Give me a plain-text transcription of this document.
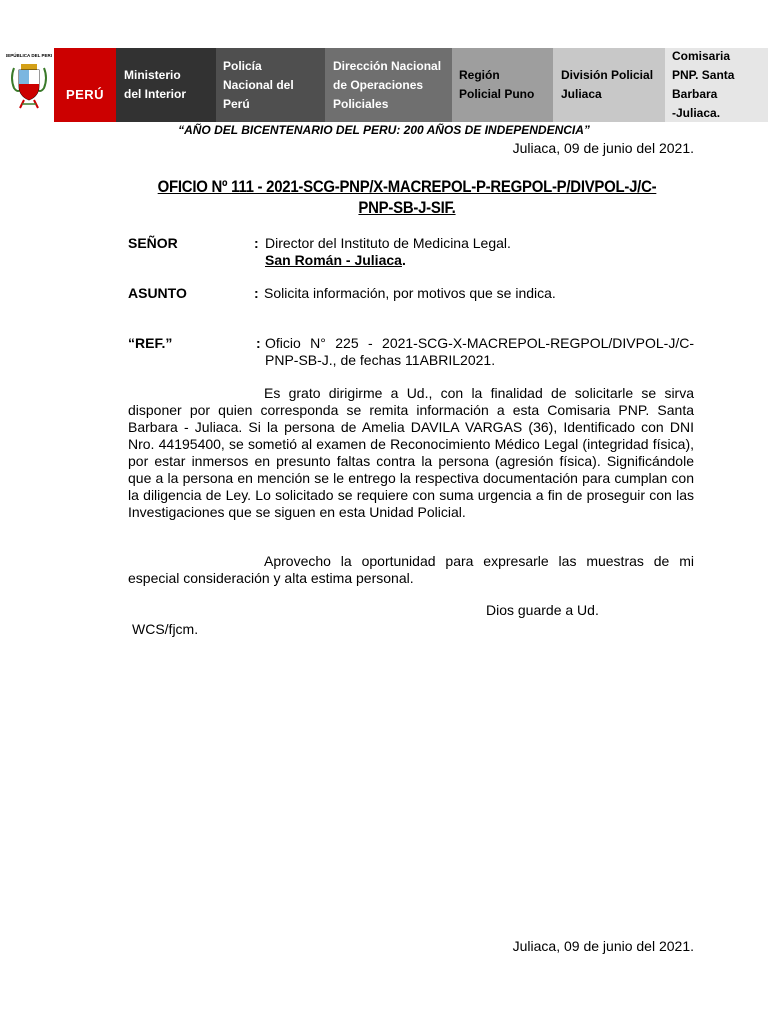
REPÚBLICA DEL PERÚ
PERÚ
Ministerio
del Interior
Policía
Nacional del
Perú
Dirección Nacional
de Operaciones
Policiales
Región
Policial Puno
División Policial
Juliaca
Comisaria
PNP. Santa
Barbara
-Juliaca.
“AÑO DEL BICENTENARIO DEL PERU: 200 AÑOS DE INDEPENDENCIA”
Juliaca, 09 de junio del 2021.
OFICIO Nº 111 - 2021-SCG-PNP/X-MACREPOL-P-REGPOL-P/DIVPOL-J/C-PNP-SB-J-SIF.
SEÑOR	: Director del Instituto de Medicina Legal.
San Román - Juliaca.
ASUNTO	: Solicita información, por motivos que se indica.
“REF.”	: Oficio N° 225 - 2021-SCG-X-MACREPOL-REGPOL/DIVPOL-J/C-PNP-SB-J., de fechas 11ABRIL2021.
Es grato dirigirme a Ud., con la finalidad de solicitarle se sirva disponer por quien corresponda se remita información a esta Comisaria PNP. Santa Barbara - Juliaca. Si la persona de Amelia DAVILA VARGAS (36), Identificado con DNI Nro. 44195400, se sometió al examen de Reconocimiento Médico Legal (integridad física), por estar inmersos en presunto faltas contra la persona (agresión física). Significándole que a la persona en mención se le entrego la respectiva documentación para cumplan con la diligencia de Ley. Lo solicitado se requiere con suma urgencia a fin de proseguir con las Investigaciones que se siguen en esta Unidad Policial.
Aprovecho la oportunidad para expresarle las muestras de mi especial consideración y alta estima personal.
Dios guarde a Ud.
WCS/fjcm.
Juliaca, 09 de junio del 2021.
